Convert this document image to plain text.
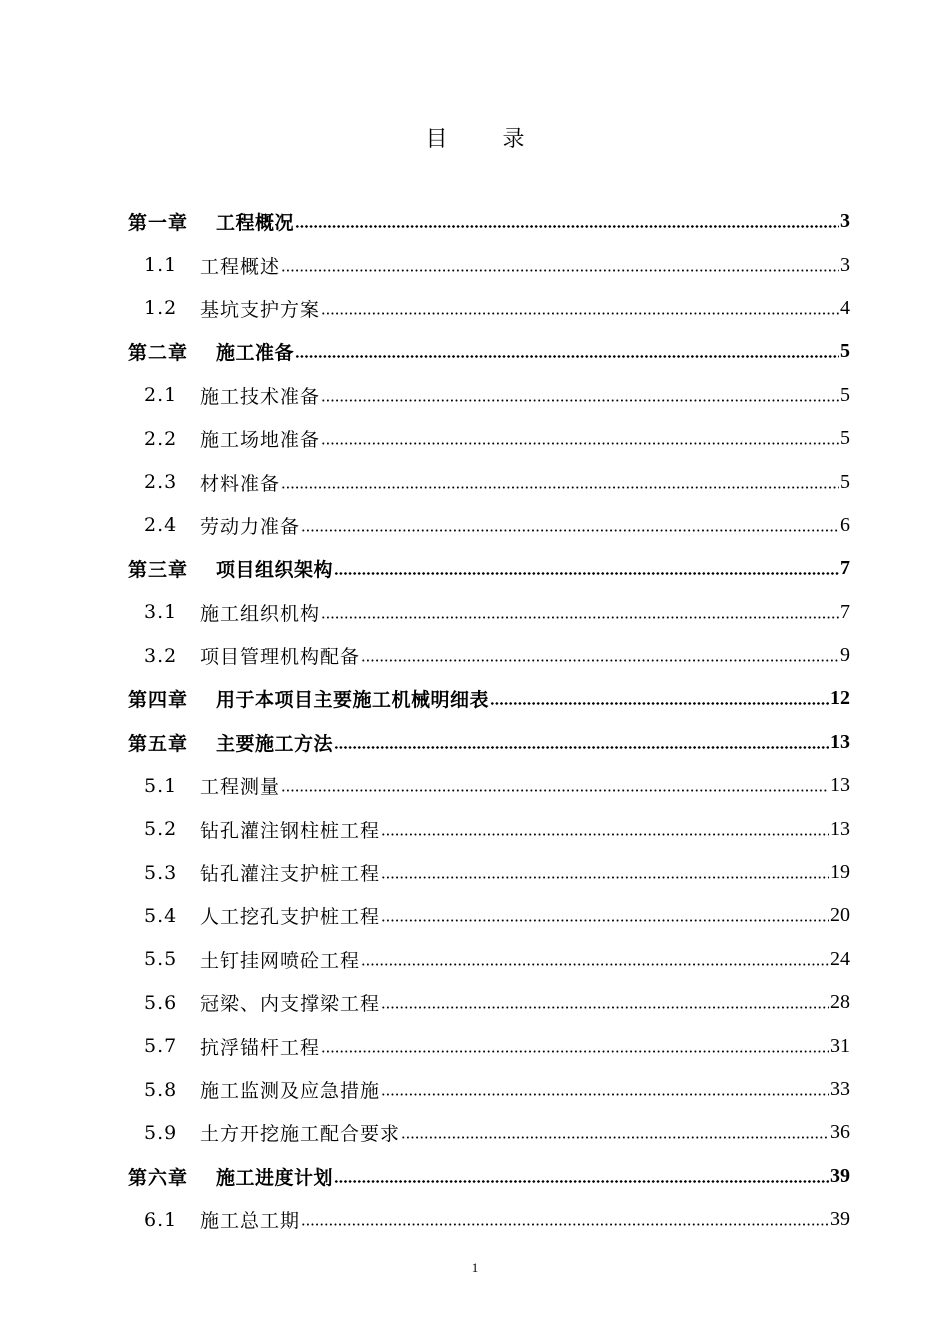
目	录
第一章	工程概况	3
1.1	工程概述	3
1.2	基坑支护方案	4
第二章	施工准备	5
2.1	施工技术准备	5
2.2	施工场地准备	5
2.3	材料准备	5
2.4	劳动力准备	6
第三章	项目组织架构	7
3.1	施工组织机构	7
3.2	项目管理机构配备	9
第四章	用于本项目主要施工机械明细表	12
第五章	主要施工方法	13
5.1	工程测量	13
5.2	钻孔灌注钢柱桩工程	13
5.3	钻孔灌注支护桩工程	19
5.4	人工挖孔支护桩工程	20
5.5	土钉挂网喷砼工程	24
5.6	冠梁、内支撑梁工程	28
5.7	抗浮锚杆工程	31
5.8	施工监测及应急措施	33
5.9	土方开挖施工配合要求	36
第六章	施工进度计划	39
6.1	施工总工期	39
1
